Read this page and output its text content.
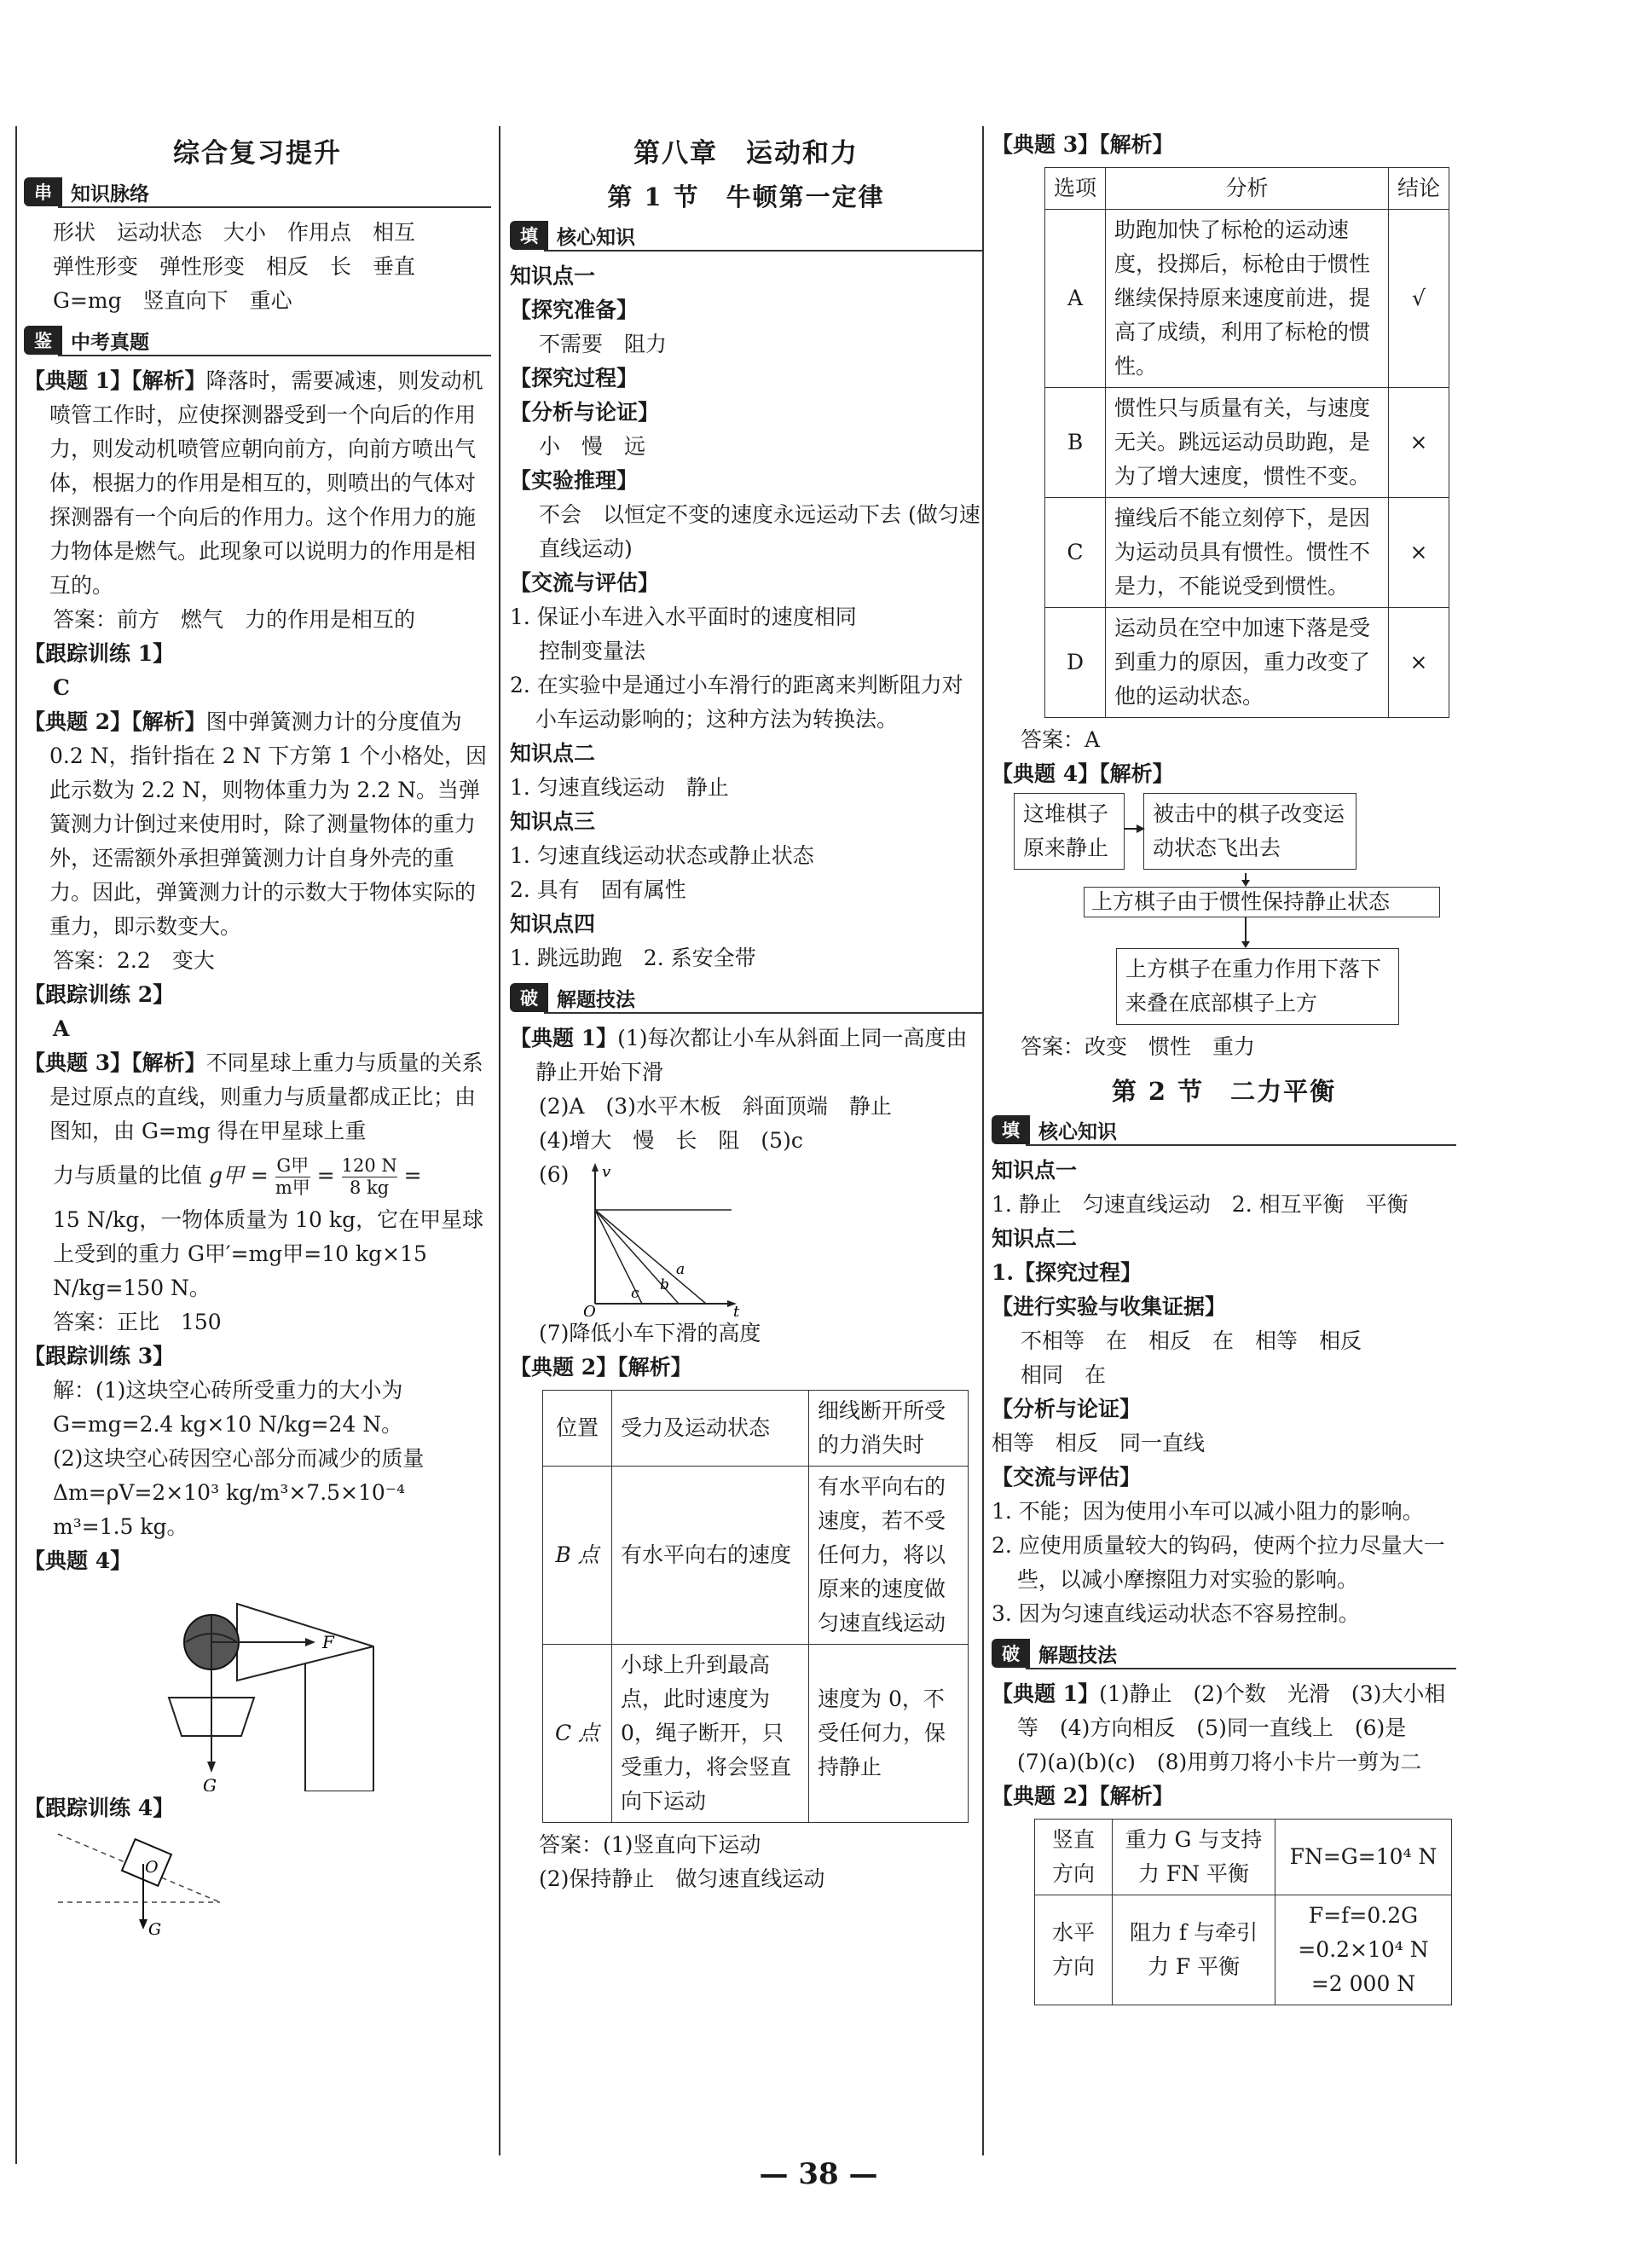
综合复习提升
串 知识脉络

形状　运动状态　大小　作用点　相互

弹性形变　弹性形变　相反　长　垂直

G=mg　竖直向下　重心

鉴 中考真题

【典题 1】【解析】降落时，需要减速，则发动机喷管工作时，应使探测器受到一个向后的作用力，则发动机喷管应朝向前方，向前方喷出气体，根据力的作用是相互的，则喷出的气体对探测器有一个向后的作用力。这个作用力的施力物体是燃气。此现象可以说明力的作用是相互的。

答案：前方　燃气　力的作用是相互的

【跟踪训练 1】

C

【典题 2】【解析】图中弹簧测力计的分度值为 0.2 N，指针指在 2 N 下方第 1 个小格处，因此示数为 2.2 N，则物体重力为 2.2 N。当弹簧测力计倒过来使用时，除了测量物体的重力外，还需额外承担弹簧测力计自身外壳的重力。因此，弹簧测力计的示数大于物体实际的重力，即示数变大。

答案：2.2　变大

【跟踪训练 2】

A

【典题 3】【解析】不同星球上重力与质量的关系是过原点的直线，则重力与质量都成正比；由图知，由 G=mg 得在甲星球上重

力与质量的比值 g甲 = $\frac{\text{G甲}}{\text{m甲}} = \frac{120 N}{8 kg}$ =

15 N/kg，一物体质量为 10 kg，它在甲星球上受到的重力 G甲′=mg甲=10 kg×15 N/kg=150 N。

答案：正比　150

【跟踪训练 3】

解：(1)这块空心砖所受重力的大小为 G=mg=2.4 kg×10 N/kg=24 N。

(2)这块空心砖因空心部分而减少的质量 Δm=ρV=2×10³ kg/m³×7.5×10⁻⁴ m³=1.5 kg。

【典题 4】

F
G

【跟踪训练 4】

O
G
第八章　运动和力
第 1 节　牛顿第一定律
填 核心知识

知识点一

【探究准备】

不需要　阻力

【探究过程】

【分析与论证】

小　慢　远

【实验推理】

不会　以恒定不变的速度永远运动下去 (做匀速直线运动)

【交流与评估】

1. 保证小车进入水平面时的速度相同

控制变量法

2. 在实验中是通过小车滑行的距离来判断阻力对小车运动影响的；这种方法为转换法。

知识点二

1. 匀速直线运动　静止

知识点三

1. 匀速直线运动状态或静止状态

2. 具有　固有属性

知识点四

1. 跳远助跑　2. 系安全带

破 解题技法

【典题 1】(1)每次都让小车从斜面上同一高度由静止开始下滑

(2)A　(3)水平木板　斜面顶端　静止

(4)增大　慢　长　阻　(5)c

(6)	v
t
O
a
b
c

(7)降低小车下滑的高度

【典题 2】【解析】

位置	受力及运动状态	细线断开所受的力消失时
B 点	有水平向右的速度	有水平向右的速度，若不受任何力，将以原来的速度做匀速直线运动
C 点	小球上升到最高点，此时速度为 0，绳子断开，只受重力，将会竖直向下运动	速度为 0，不受任何力，保持静止

答案：(1)竖直向下运动

(2)保持静止　做匀速直线运动

【典题 3】【解析】

选项	分析	结论
A	助跑加快了标枪的运动速度，投掷后，标枪由于惯性继续保持原来速度前进，提高了成绩，利用了标枪的惯性。	√
B	惯性只与质量有关，与速度无关。跳远运动员助跑，是为了增大速度，惯性不变。	×
C	撞线后不能立刻停下，是因为运动员具有惯性。惯性不是力，不能说受到惯性。	×
D	运动员在空中加速下落是受到重力的原因，重力改变了他的运动状态。	×

答案：A

【典题 4】【解析】

这堆棋子原来静止
被击中的棋子改变运动状态飞出去
上方棋子由于惯性保持静止状态
上方棋子在重力作用下落下来叠在底部棋子上方

答案：改变　惯性　重力

第 2 节　二力平衡
填 核心知识

知识点一

1. 静止　匀速直线运动　2. 相互平衡　平衡

知识点二

1.【探究过程】

【进行实验与收集证据】

不相等　在　相反　在　相等　相反

相同　在

【分析与论证】

相等　相反　同一直线

【交流与评估】

1. 不能；因为使用小车可以减小阻力的影响。

2. 应使用质量较大的钩码，使两个拉力尽量大一些，以减小摩擦阻力对实验的影响。

3. 因为匀速直线运动状态不容易控制。

破 解题技法

【典题 1】(1)静止　(2)个数　光滑　(3)大小相等　(4)方向相反　(5)同一直线上　(6)是　(7)(a)(b)(c)　(8)用剪刀将小卡片一剪为二

【典题 2】【解析】

竖直方向	重力 G 与支持力 FN 平衡	FN=G=10⁴ N
水平方向	阻力 f 与牵引力 F 平衡	F=f=0.2G =0.2×10⁴ N =2 000 N
— 38 —
